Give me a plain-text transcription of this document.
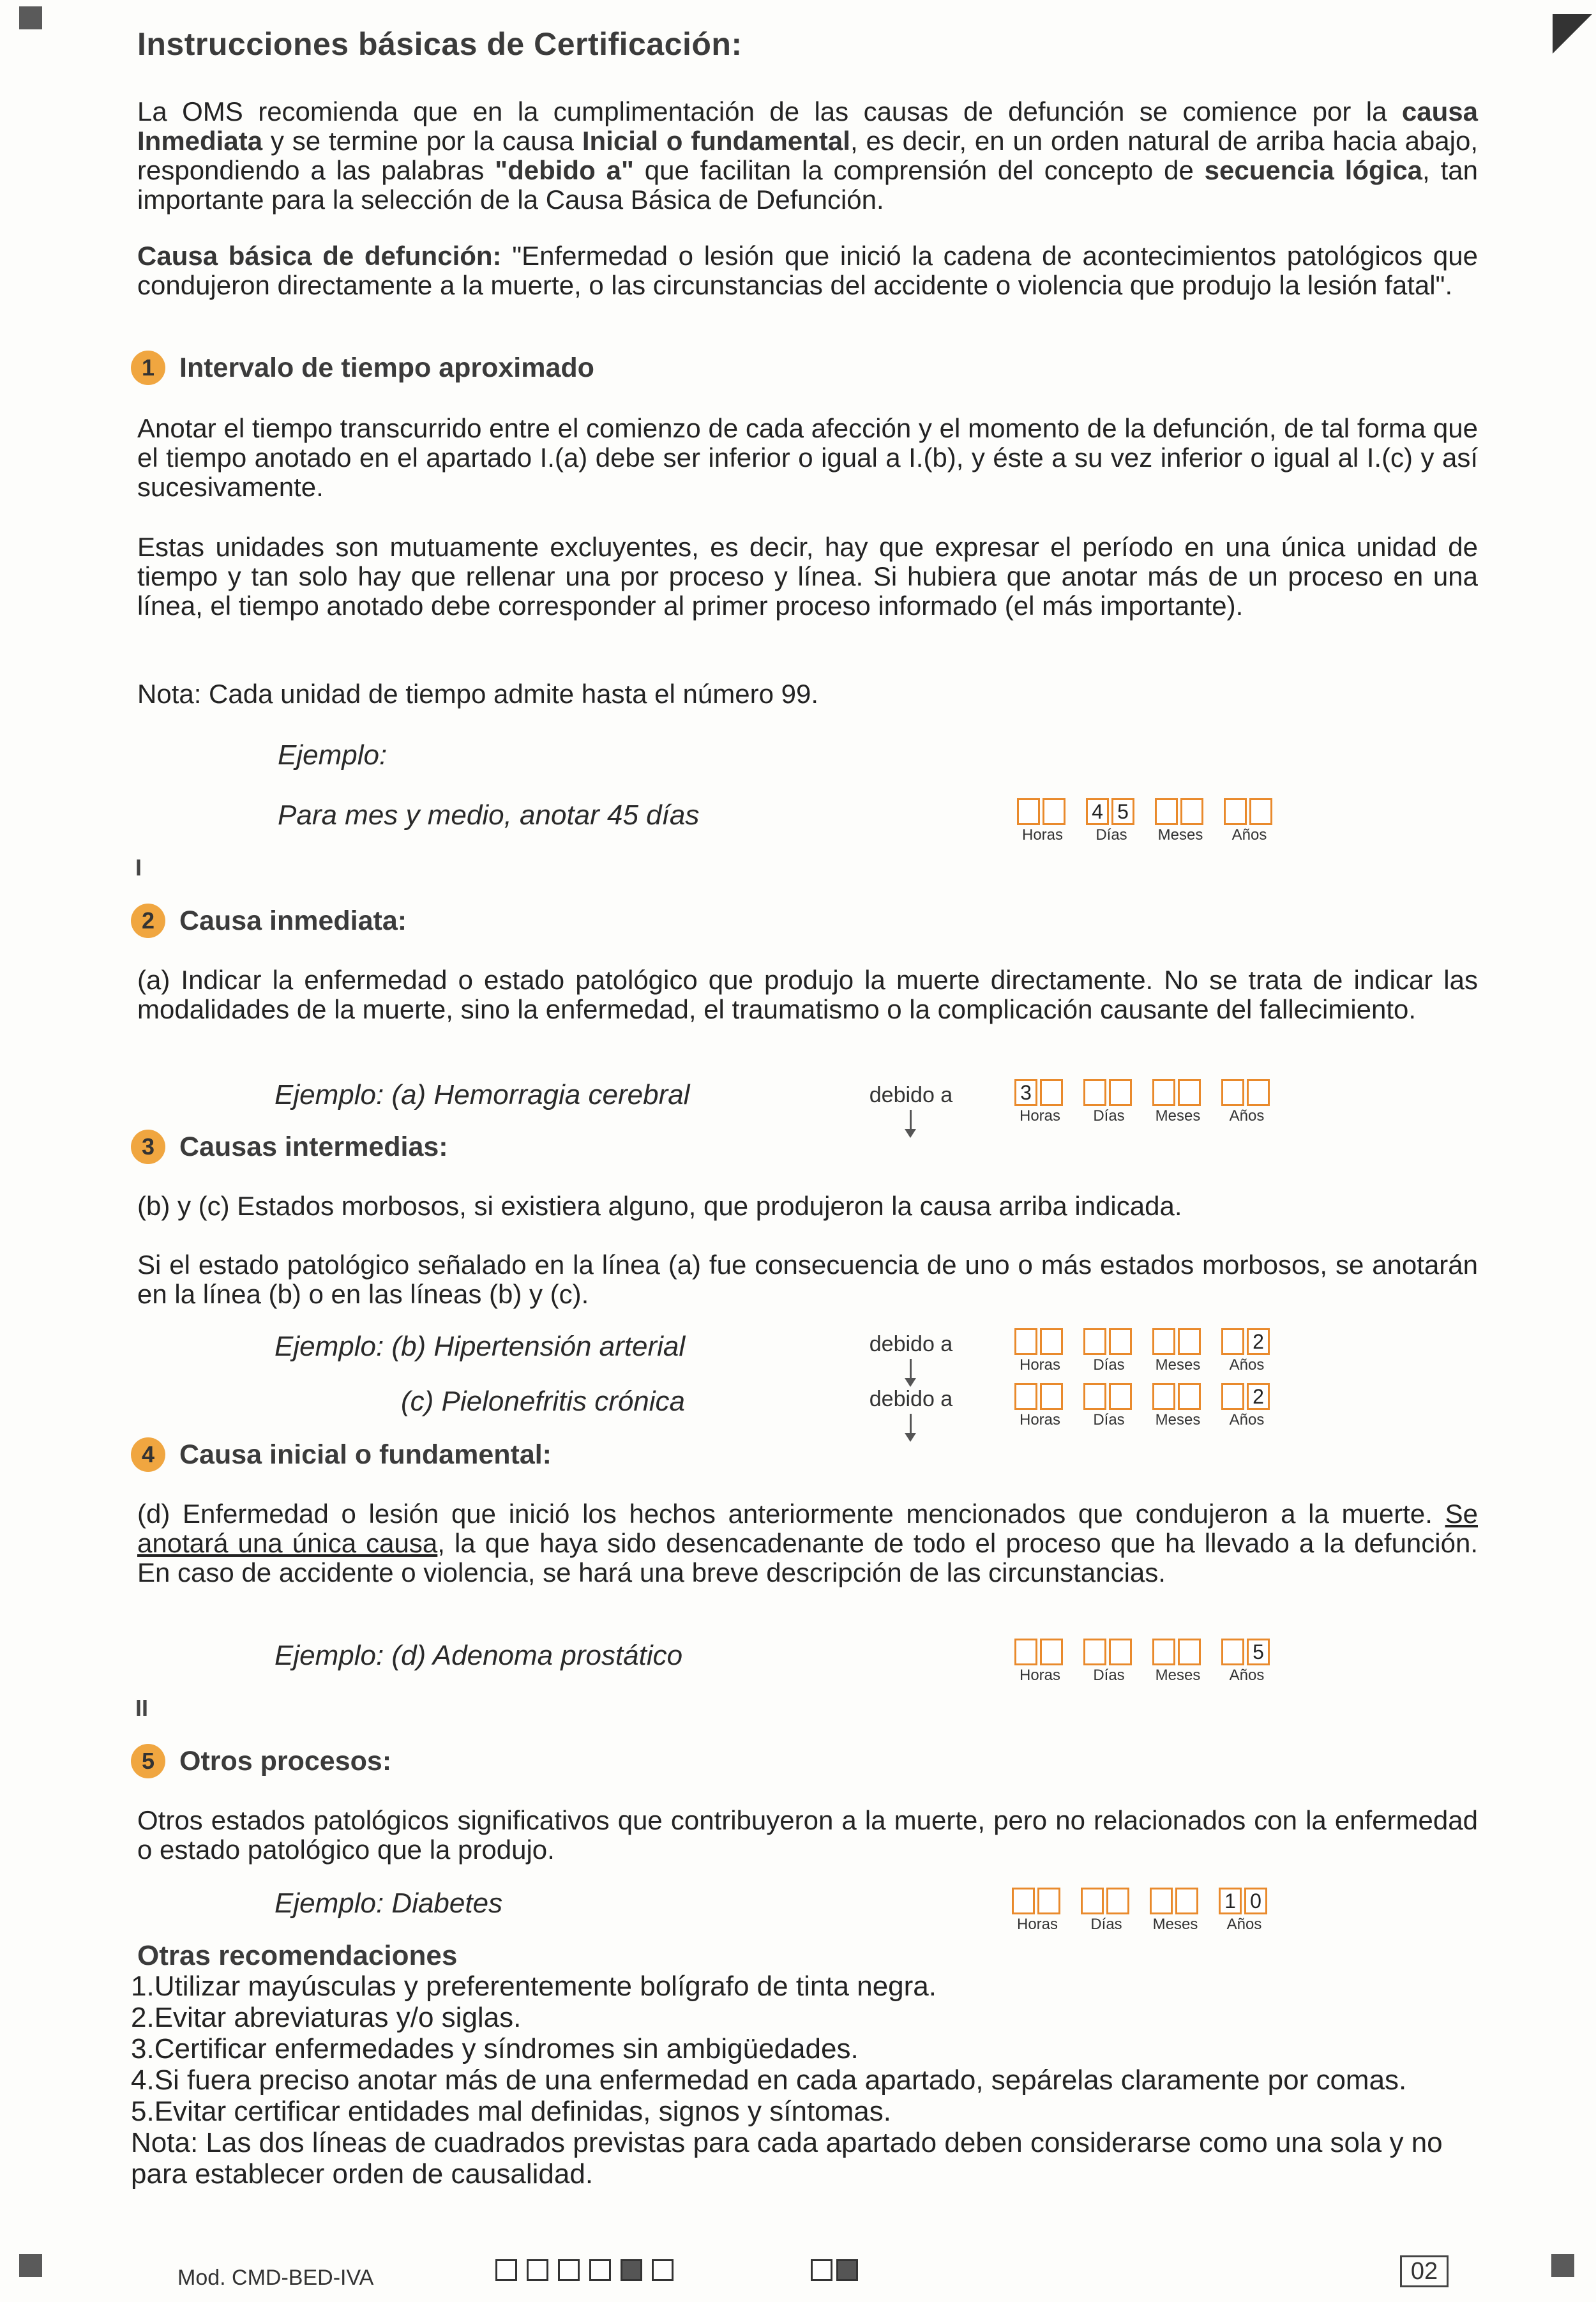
Instrucciones básicas de Certificación:

La OMS recomienda que en la cumplimentación de las causas de defunción se comience por la causa Inmediata y se termine por la causa Inicial o fundamental, es decir, en un orden natural de arriba hacia abajo, respondiendo a las palabras "debido a" que facilitan la comprensión del concepto de secuencia lógica, tan importante para la selección de la Causa Básica de Defunción.

Causa básica de defunción: "Enfermedad o lesión que inició la cadena de acontecimientos patológicos que condujeron directamente a la muerte, o las circunstancias del accidente o violencia que produjo la lesión fatal".

1 Intervalo de tiempo aproximado

Anotar el tiempo transcurrido entre el comienzo de cada afección y el momento de la defunción, de tal forma que el tiempo anotado en el apartado I.(a) debe ser inferior o igual a I.(b), y éste a su vez inferior o igual al I.(c) y así sucesivamente.

Estas unidades son mutuamente excluyentes, es decir, hay que expresar el período en una única unidad de tiempo y tan solo hay que rellenar una por proceso y línea. Si hubiera que anotar más de un proceso en una línea, el tiempo anotado debe corresponder al primer proceso informado (el más importante).

Nota: Cada unidad de tiempo admite hasta el número 99.

Ejemplo:
Para mes y medio, anotar 45 días
Horas
4 5
Días Meses Años
I
2 Causa inmediata:

(a) Indicar la enfermedad o estado patológico que produjo la muerte directamente. No se trata de indicar las modalidades de la muerte, sino la enfermedad, el traumatismo o la complicación causante del fallecimiento.

Ejemplo: (a) Hemorragia cerebral	debido a	3
Horas Días Meses Años
3 Causas intermedias:

(b) y (c) Estados morbosos, si existiera alguno, que produjeron la causa arriba indicada.

Si el estado patológico señalado en la línea (a) fue consecuencia de uno o más estados morbosos, se anotarán en la línea (b) o en las líneas (b) y (c).

Ejemplo: (b) Hipertensión arterial	debido a
Horas Días Meses
2
Años
(c) Pielonefritis crónica	debido a
Horas Días Meses
2
Años
4 Causa inicial o fundamental:

(d) Enfermedad o lesión que inició los hechos anteriormente mencionados que condujeron a la muerte. Se anotará una única causa, la que haya sido desencadenante de todo el proceso que ha llevado a la defunción. En caso de accidente o violencia, se hará una breve descripción de las circunstancias.

Ejemplo: (d) Adenoma prostático
Horas Días Meses
5
Años
II
5 Otros procesos:

Otros estados patológicos significativos que contribuyeron a la muerte, pero no relacionados con la enfermedad o estado patológico que la produjo.

Ejemplo: Diabetes
Horas Días Meses
1 0
Años
Otras recomendaciones
1.Utilizar mayúsculas y preferentemente bolígrafo de tinta negra.
2.Evitar abreviaturas y/o siglas.
3.Certificar enfermedades y síndromes sin ambigüedades.
4.Si fuera preciso anotar más de una enfermedad en cada apartado, sepárelas claramente por comas.
5.Evitar certificar entidades mal definidas, signos y síntomas.
Nota: Las dos líneas de cuadrados previstas para cada apartado deben considerarse como una sola y no para establecer orden de causalidad.
Mod. CMD-BED-IVA	02
